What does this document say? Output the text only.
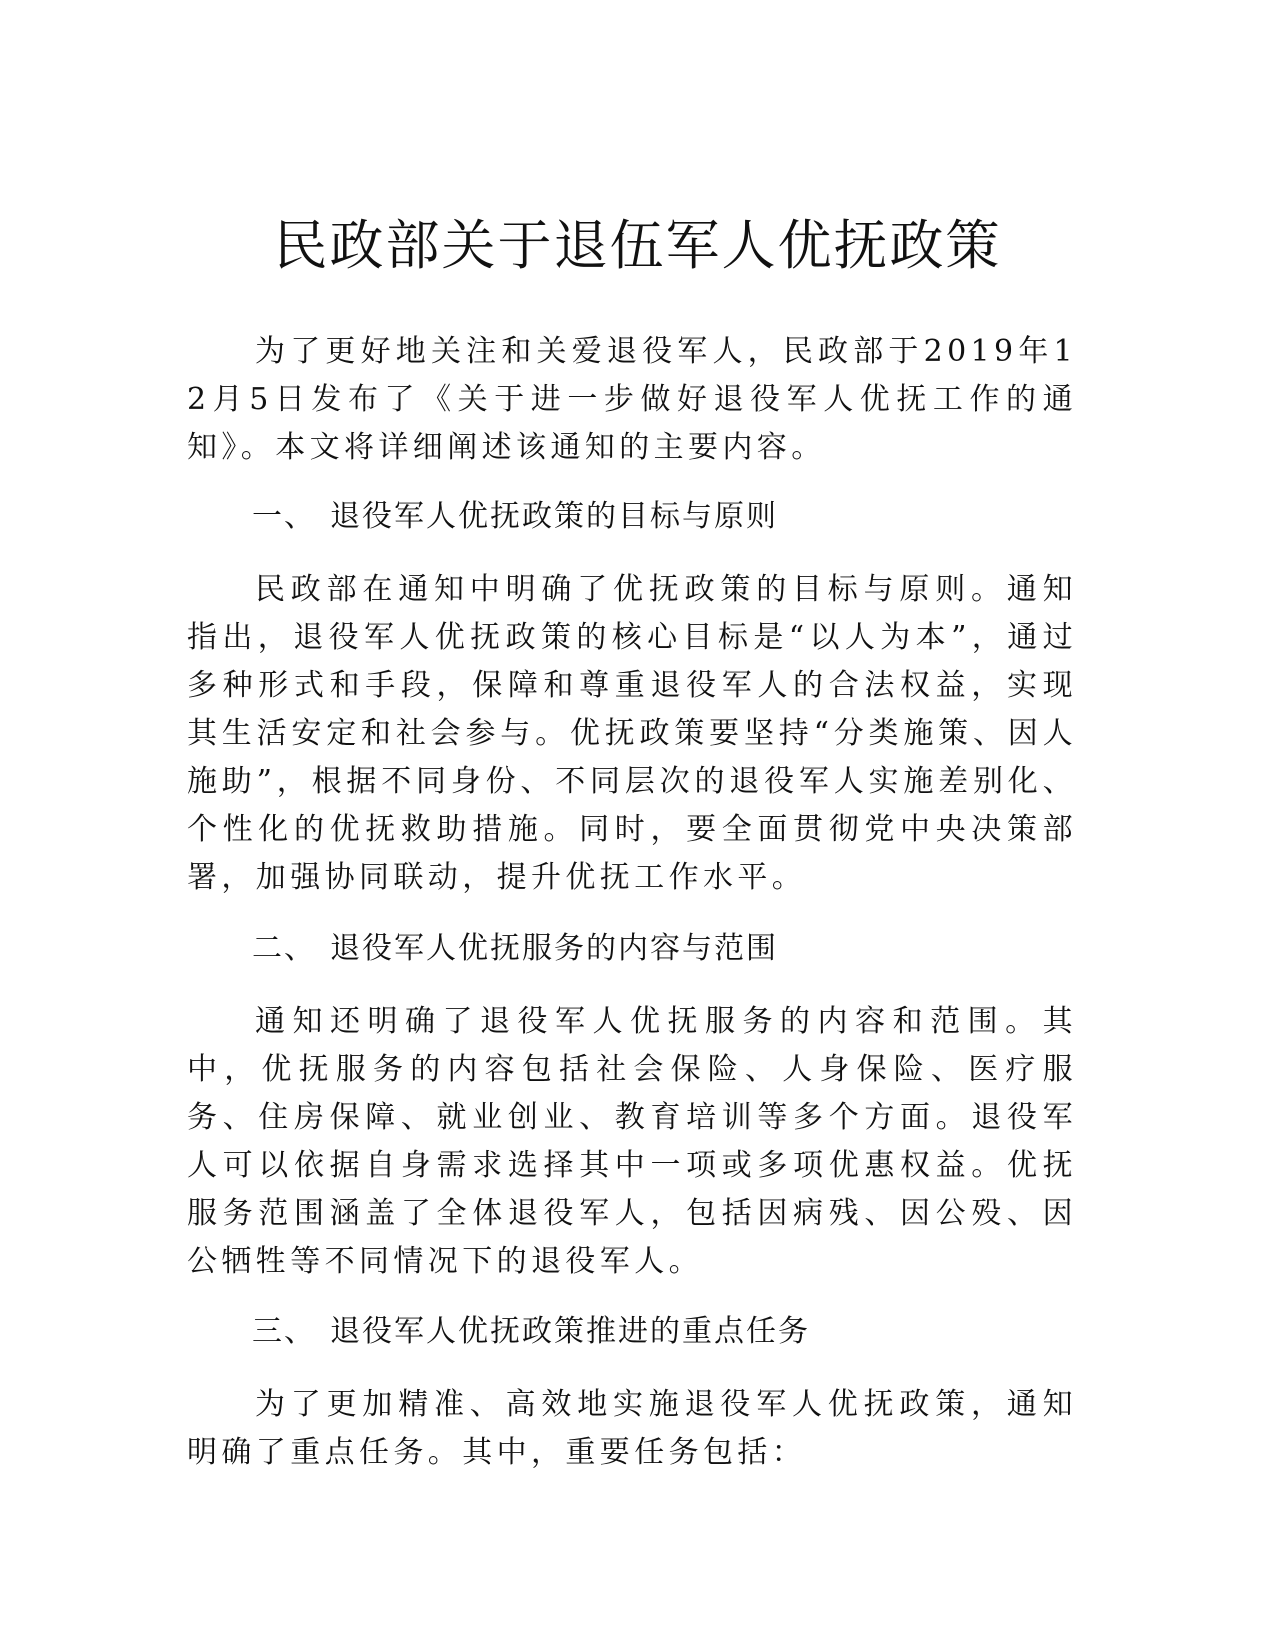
民政部关于退伍军人优抚政策

为了更好地关注和关爱退役军人，民政部于2019年12月5日发布了《关于进一步做好退役军人优抚工作的通知》。本文将详细阐述该通知的主要内容。

一、 退役军人优抚政策的目标与原则

民政部在通知中明确了优抚政策的目标与原则。通知指出，退役军人优抚政策的核心目标是“以人为本”，通过多种形式和手段，保障和尊重退役军人的合法权益，实现其生活安定和社会参与。优抚政策要坚持“分类施策、因人施助”，根据不同身份、不同层次的退役军人实施差别化、个性化的优抚救助措施。同时，要全面贯彻党中央决策部署，加强协同联动，提升优抚工作水平。

二、 退役军人优抚服务的内容与范围

通知还明确了退役军人优抚服务的内容和范围。其中，优抚服务的内容包括社会保险、人身保险、医疗服务、住房保障、就业创业、教育培训等多个方面。退役军人可以依据自身需求选择其中一项或多项优惠权益。优抚服务范围涵盖了全体退役军人，包括因病残、因公殁、因公牺牲等不同情况下的退役军人。

三、 退役军人优抚政策推进的重点任务

为了更加精准、高效地实施退役军人优抚政策，通知明确了重点任务。其中，重要任务包括：
